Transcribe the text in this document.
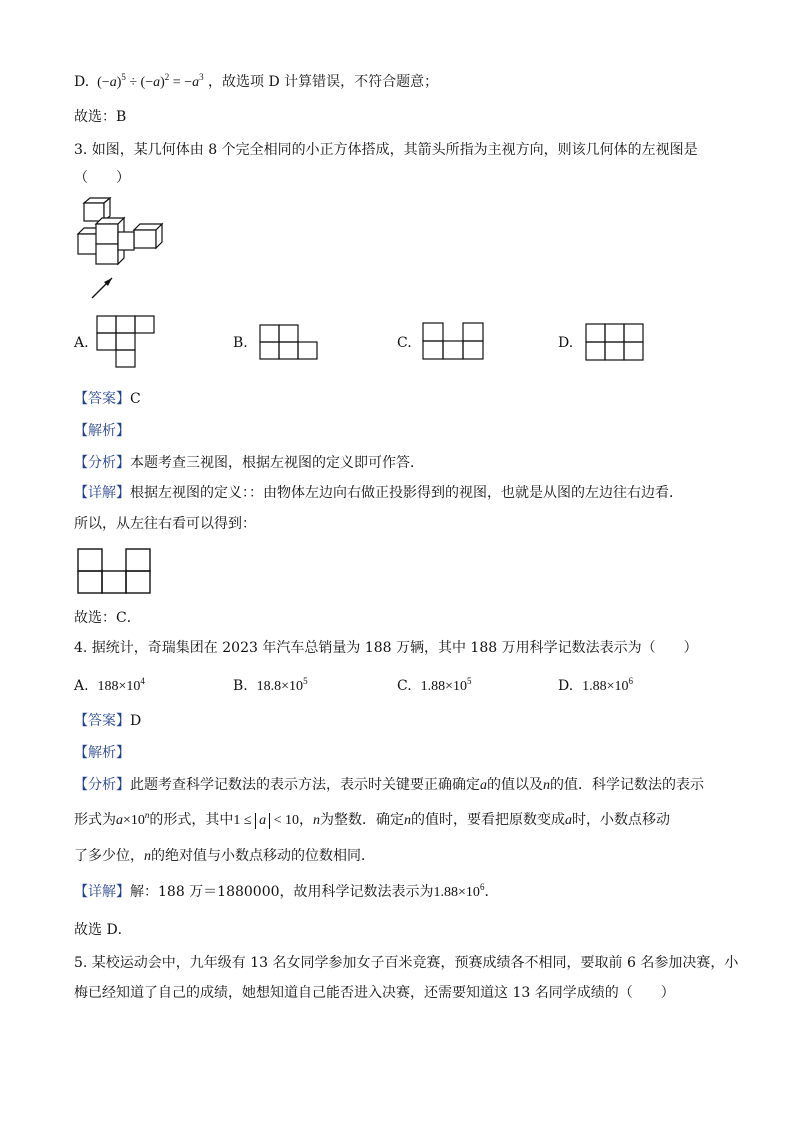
D.  $(-a)^5 \div (-a)^2 = -a^3$ ，故选项 D 计算错误，不符合题意；
故选：B
3. 如图，某几何体由 8 个完全相同的小正方体搭成，其箭头所指为主视方向，则该几何体的左视图是
（　　）
A.	B.	C.	D.
【答案】C
【解析】
【分析】本题考查三视图，根据左视图的定义即可作答．
【详解】根据左视图的定义：：由物体左边向右做正投影得到的视图，也就是从图的左边往右边看．
所以，从左往右看可以得到：
故选：C．
4. 据统计，奇瑞集团在 2023 年汽车总销量为 188 万辆，其中 188 万用科学记数法表示为（　　）
A. $188\times 10^4$	B. $18.8\times 10^5$	C. $1.88\times 10^5$	D. $1.88\times 10^6$
【答案】D
【解析】
【分析】此题考查科学记数法的表示方法，表示时关键要正确确定a的值以及n的值．科学记数法的表示
形式为$a\times 10^n$的形式，其中1 ≤ a < 10，n为整数．确定n的值时，要看把原数变成a时，小数点移动
了多少位，n的绝对值与小数点移动的位数相同．
【详解】解：188 万＝1880000，故用科学记数法表示为$1.88\times 10^6$．
故选 D．
5. 某校运动会中，九年级有 13 名女同学参加女子百米竞赛，预赛成绩各不相同，要取前 6 名参加决赛，小
梅已经知道了自己的成绩，她想知道自己能否进入决赛，还需要知道这 13 名同学成绩的（　　）
